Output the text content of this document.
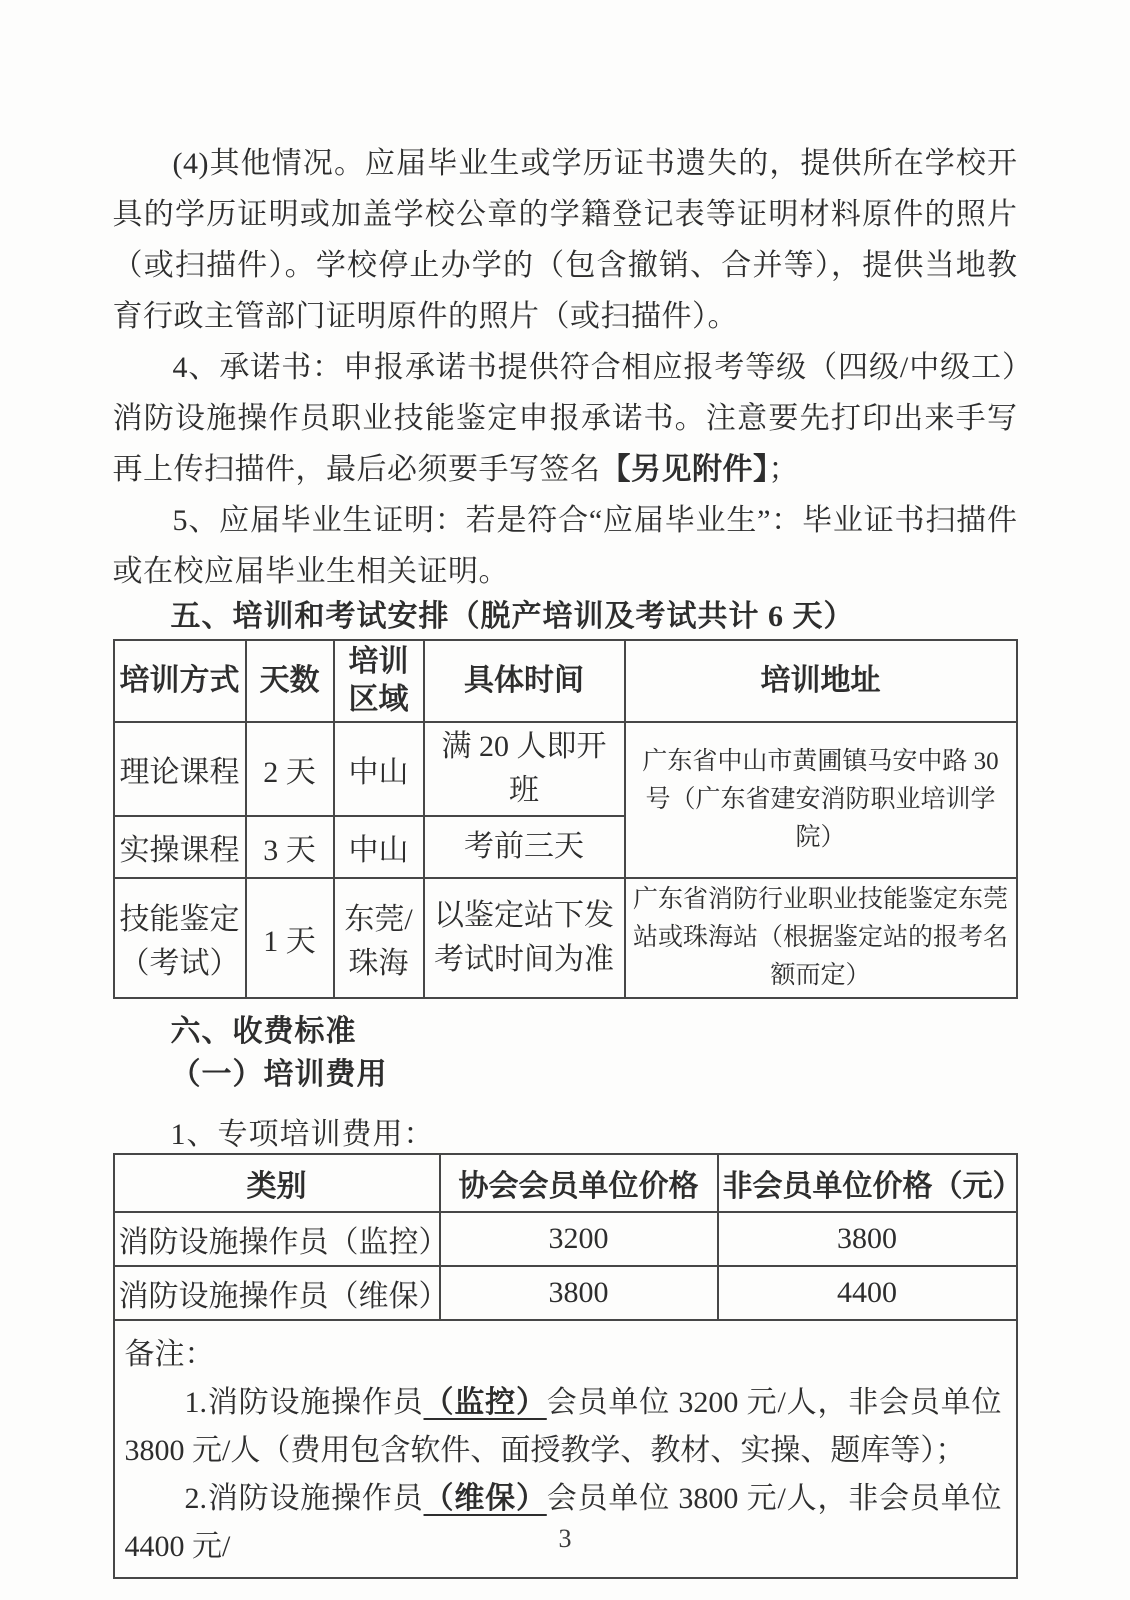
(4)其他情况。应届毕业生或学历证书遗失的，提供所在学校开具的学历证明或加盖学校公章的学籍登记表等证明材料原件的照片（或扫描件）。学校停止办学的（包含撤销、合并等），提供当地教育行政主管部门证明原件的照片（或扫描件）。

4、承诺书：申报承诺书提供符合相应报考等级（四级/中级工）消防设施操作员职业技能鉴定申报承诺书。注意要先打印出来手写再上传扫描件，最后必须要手写签名【另见附件】；

5、应届毕业生证明：若是符合“应届毕业生”：毕业证书扫描件或在校应届毕业生相关证明。

五、培训和考试安排（脱产培训及考试共计 6 天）
培训方式	天数	培训区域	具体时间	培训地址
理论课程	2 天	中山	满 20 人即开班	广东省中山市黄圃镇马安中路 30 号（广东省建安消防职业培训学院）
实操课程	3 天	中山	考前三天	
技能鉴定（考试）	1 天	东莞/珠海	以鉴定站下发考试时间为准	广东省消防行业职业技能鉴定东莞站或珠海站（根据鉴定站的报考名额而定）
六、收费标准
（一）培训费用

1、专项培训费用：

类别	协会会员单位价格	非会员单位价格（元）
消防设施操作员（监控）	3200	3800
消防设施操作员（维保）	3800	4400

备注：

1.消防设施操作员（监控）会员单位 3200 元/人，非会员单位 3800 元/人（费用包含软件、面授教学、教材、实操、题库等）；

2.消防设施操作员（维保）会员单位 3800 元/人，非会员单位 4400 元/			3
